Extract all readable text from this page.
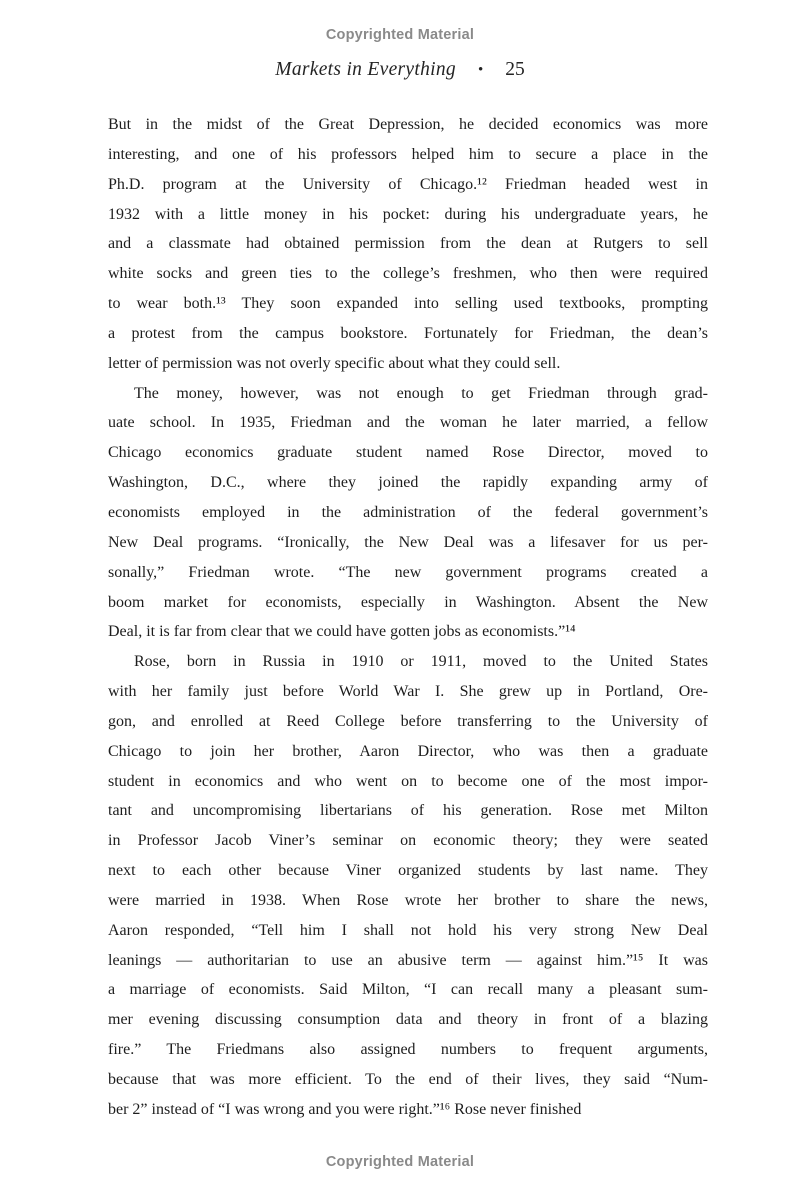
Copyrighted Material
Markets in Everything • 25
But in the midst of the Great Depression, he decided economics was more
interesting, and one of his professors helped him to secure a place in the
Ph.D. program at the University of Chicago.¹² Friedman headed west in
1932 with a little money in his pocket: during his undergraduate years, he
and a classmate had obtained permission from the dean at Rutgers to sell
white socks and green ties to the college’s freshmen, who then were required
to wear both.¹³ They soon expanded into selling used textbooks, prompting
a protest from the campus bookstore. Fortunately for Friedman, the dean’s
letter of permission was not overly specific about what they could sell.
The money, however, was not enough to get Friedman through grad-
uate school. In 1935, Friedman and the woman he later married, a fellow
Chicago economics graduate student named Rose Director, moved to
Washington, D.C., where they joined the rapidly expanding army of
economists employed in the administration of the federal government’s
New Deal programs. “Ironically, the New Deal was a lifesaver for us per-
sonally,” Friedman wrote. “The new government programs created a
boom market for economists, especially in Washington. Absent the New
Deal, it is far from clear that we could have gotten jobs as economists.”¹⁴
Rose, born in Russia in 1910 or 1911, moved to the United States
with her family just before World War I. She grew up in Portland, Ore-
gon, and enrolled at Reed College before transferring to the University of
Chicago to join her brother, Aaron Director, who was then a graduate
student in economics and who went on to become one of the most impor-
tant and uncompromising libertarians of his generation. Rose met Milton
in Professor Jacob Viner’s seminar on economic theory; they were seated
next to each other because Viner organized students by last name. They
were married in 1938. When Rose wrote her brother to share the news,
Aaron responded, “Tell him I shall not hold his very strong New Deal
leanings — authoritarian to use an abusive term — against him.”¹⁵ It was
a marriage of economists. Said Milton, “I can recall many a pleasant sum-
mer evening discussing consumption data and theory in front of a blazing
fire.” The Friedmans also assigned numbers to frequent arguments,
because that was more efficient. To the end of their lives, they said “Num-
ber 2” instead of “I was wrong and you were right.”¹⁶ Rose never finished
Copyrighted Material
